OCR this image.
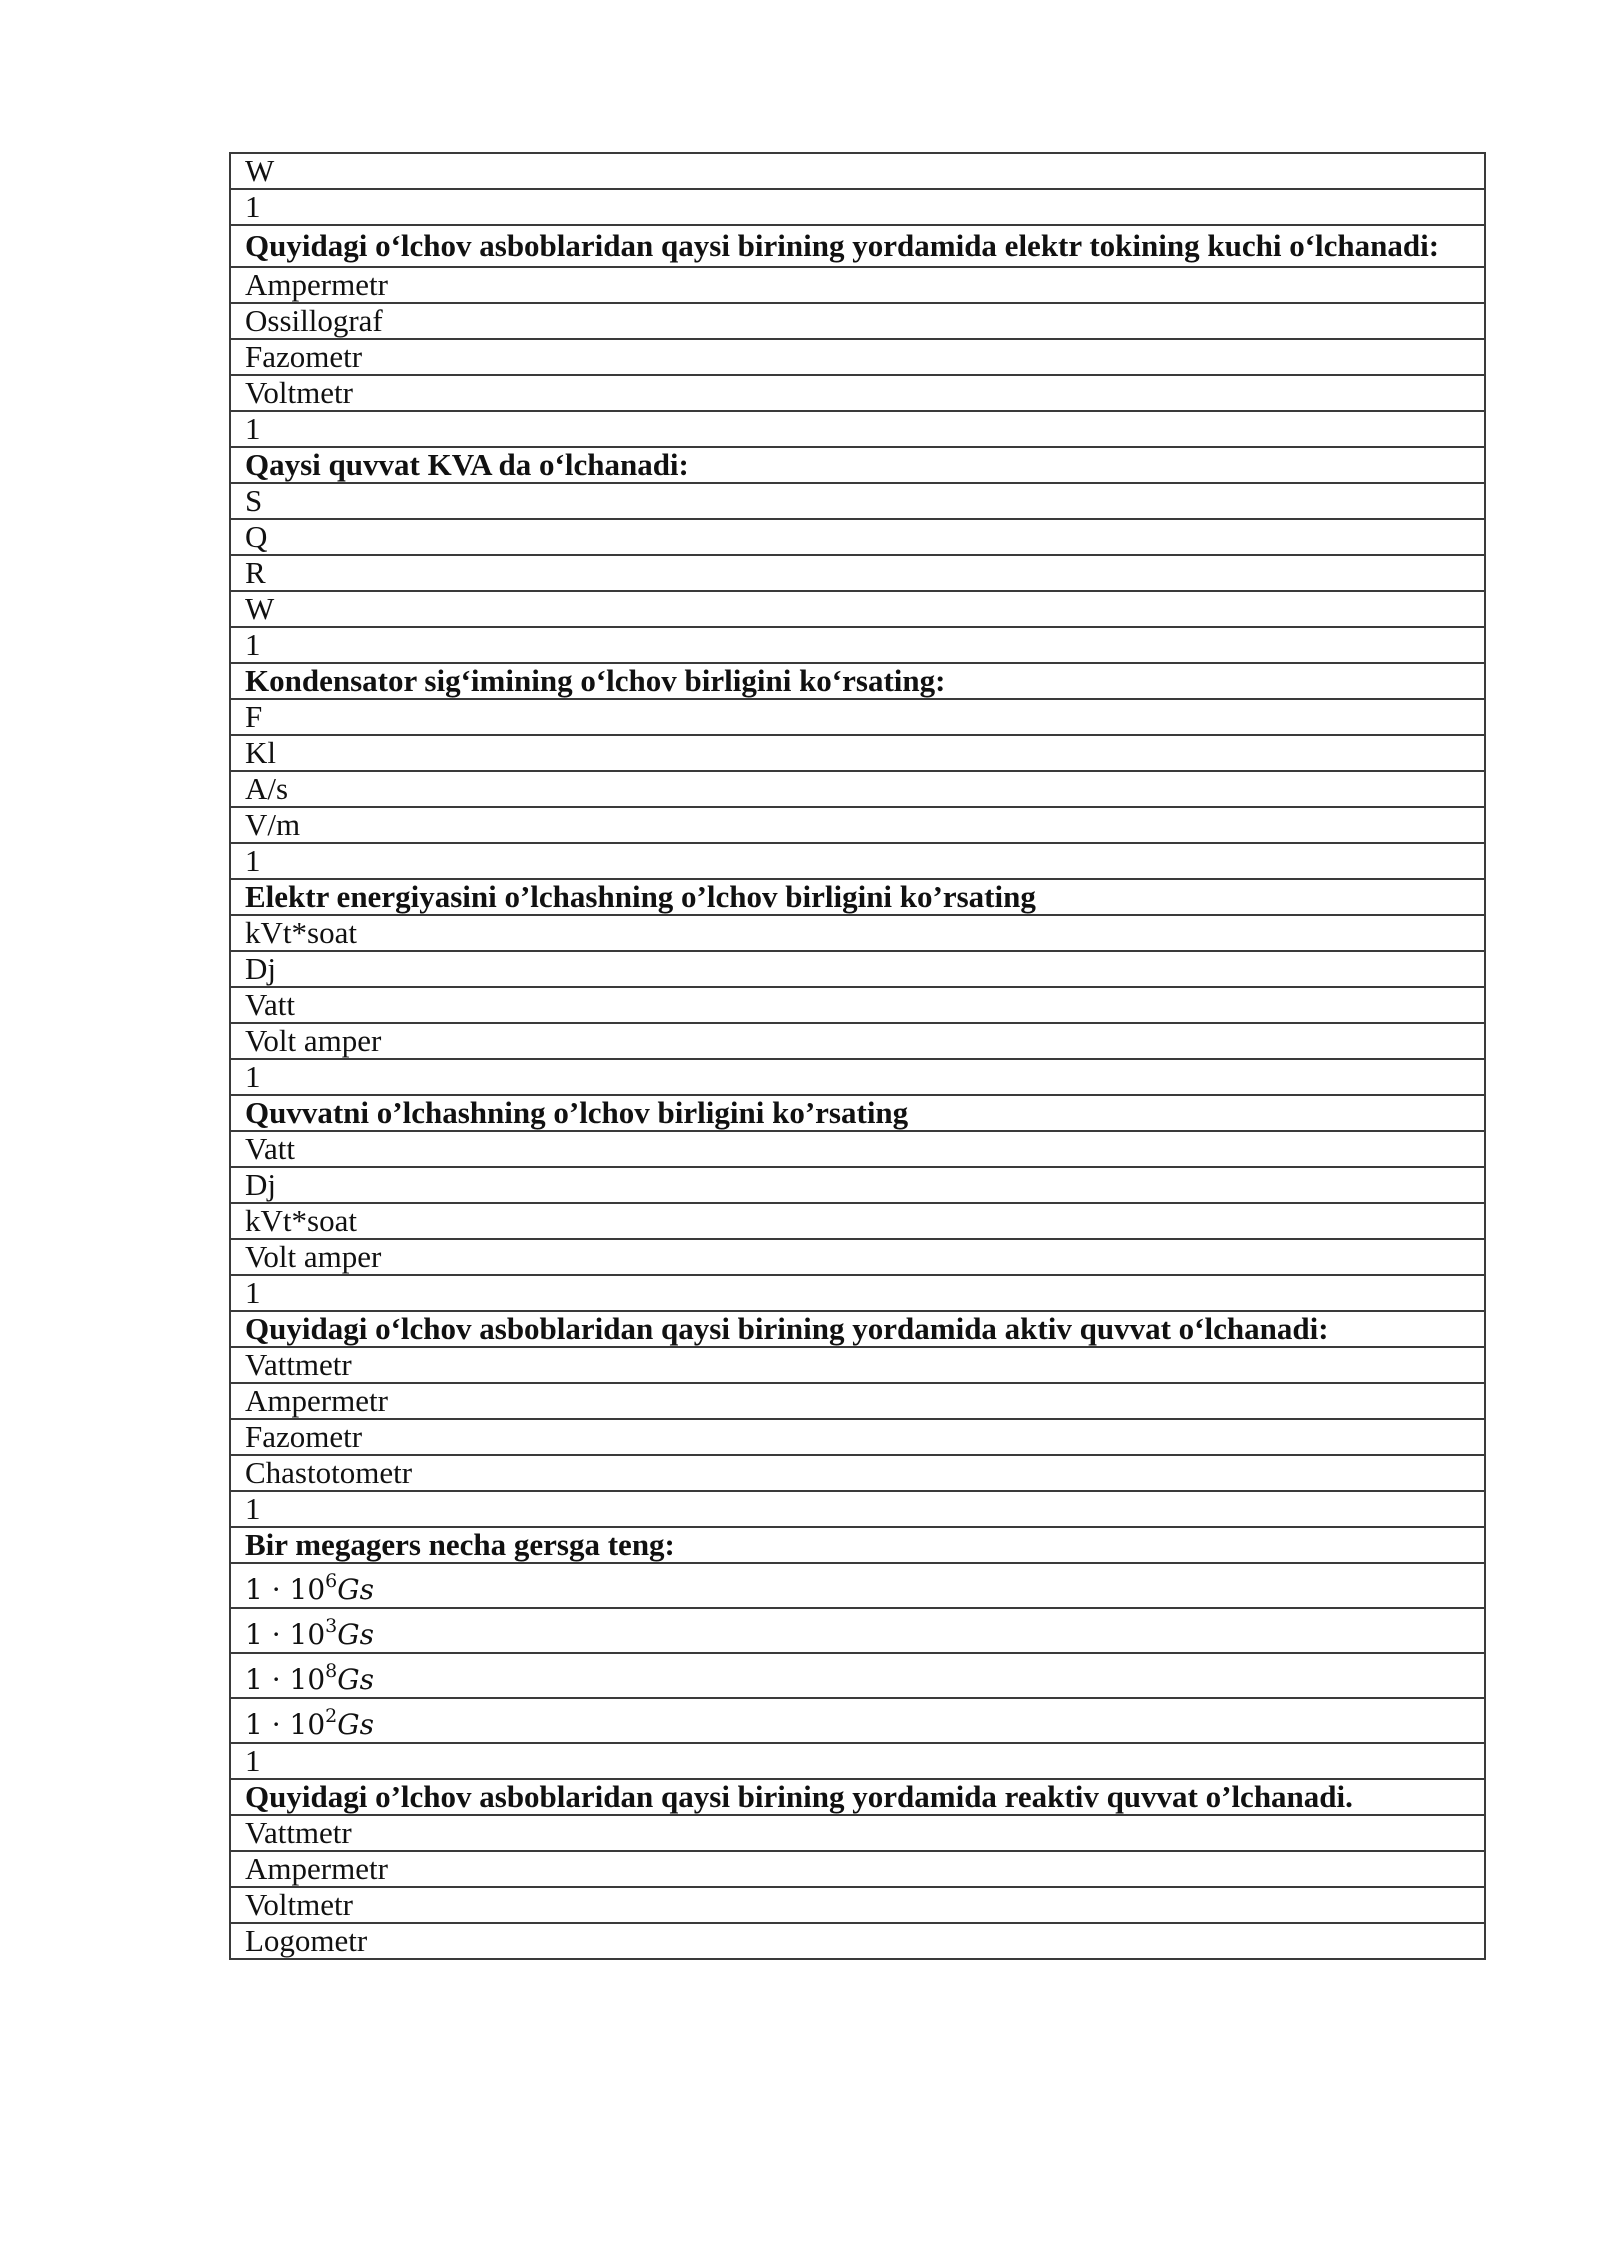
W
1
Quyidagi o‘lchov asboblaridan qaysi birining yordamida elektr tokining kuchi o‘lchanadi:
Ampermetr
Ossillograf
Fazometr
Voltmetr
1
Qaysi quvvat KVA da o‘lchanadi:
S
Q
R
W
1
Kondensator sig‘imining o‘lchov birligini ko‘rsating:
F
Kl
A/s
V/m
1
Elektr energiyasini o’lchashning o’lchov birligini ko’rsating
kVt*soat
Dj
Vatt
Volt amper
1
Quvvatni o’lchashning o’lchov birligini ko’rsating
Vatt
Dj
kVt*soat
Volt amper
1
Quyidagi o‘lchov asboblaridan qaysi birining yordamida aktiv quvvat o‘lchanadi:
Vattmetr
Ampermetr
Fazometr
Chastotometr
1
Bir megagers necha gersga teng:
$1 \cdot 10^6Gs$
$1 \cdot 10^3Gs$
$1 \cdot 10^8Gs$
$1 \cdot 10^2Gs$
1
Quyidagi o’lchov asboblaridan qaysi birining yordamida reaktiv quvvat o’lchanadi.
Vattmetr
Ampermetr
Voltmetr
Logometr
